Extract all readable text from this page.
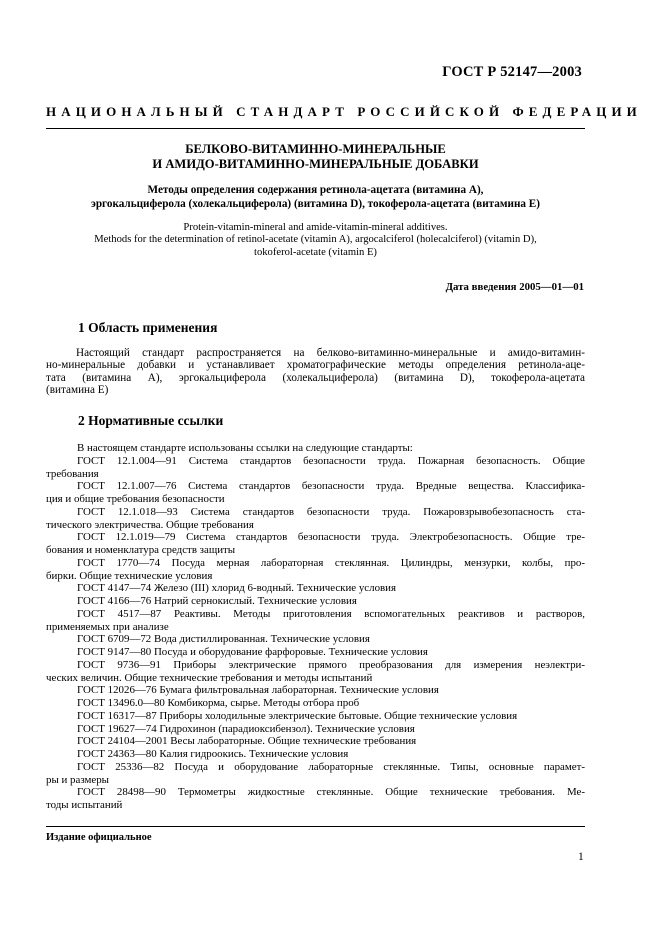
ГОСТ Р 52147—2003
НАЦИОНАЛЬНЫЙ СТАНДАРТ РОССИЙСКОЙ ФЕДЕРАЦИИ
БЕЛКОВО-ВИТАМИННО-МИНЕРАЛЬНЫЕ
И АМИДО-ВИТАМИННО-МИНЕРАЛЬНЫЕ ДОБАВКИ
Методы определения содержания ретинола-ацетата (витамина А),
эргокальциферола (холекальциферола) (витамина D), токоферола-ацетата (витамина Е)
Protein-vitamin-mineral and amide-vitamin-mineral additives.
Methods for the determination of retinol-acetate (vitamin A), argocalciferol (holecalciferol) (vitamin D),
tokoferol-acetate (vitamin E)
Дата введения 2005—01—01
1 Область применения
Настоящий стандарт распространяется на белково-витаминно-минеральные и амидо-витамин-
но-минеральные добавки и устанавливает хроматографические методы определения ретинола-аце-
тата (витамина А), эргокальциферола (холекальциферола) (витамина D), токоферола-ацетата
(витамина Е)
2 Нормативные ссылки
В настоящем стандарте использованы ссылки на следующие стандарты:
ГОСТ 12.1.004—91 Система стандартов безопасности труда. Пожарная безопасность. Общие
требования
ГОСТ 12.1.007—76 Система стандартов безопасности труда. Вредные вещества. Классифика-
ция и общие требования безопасности
ГОСТ 12.1.018—93 Система стандартов безопасности труда. Пожаровзрывобезопасность ста-
тического электричества. Общие требования
ГОСТ 12.1.019—79 Система стандартов безопасности труда. Электробезопасность. Общие тре-
бования и номенклатура средств защиты
ГОСТ 1770—74 Посуда мерная лабораторная стеклянная. Цилиндры, мензурки, колбы, про-
бирки. Общие технические условия
ГОСТ 4147—74 Железо (III) хлорид 6-водный. Технические условия
ГОСТ 4166—76 Натрий сернокислый. Технические условия
ГОСТ 4517—87 Реактивы. Методы приготовления вспомогательных реактивов и растворов,
применяемых при анализе
ГОСТ 6709—72 Вода дистиллированная. Технические условия
ГОСТ 9147—80 Посуда и оборудование фарфоровые. Технические условия
ГОСТ 9736—91 Приборы электрические прямого преобразования для измерения неэлектри-
ческих величин. Общие технические требования и методы испытаний
ГОСТ 12026—76 Бумага фильтровальная лабораторная. Технические условия
ГОСТ 13496.0—80 Комбикорма, сырье. Методы отбора проб
ГОСТ 16317—87 Приборы холодильные электрические бытовые. Общие технические условия
ГОСТ 19627—74 Гидрохинон (парадиоксибензол). Технические условия
ГОСТ 24104—2001 Весы лабораторные. Общие технические требования
ГОСТ 24363—80 Калия гидроокись. Технические условия
ГОСТ 25336—82 Посуда и оборудование лабораторные стеклянные. Типы, основные парамет-
ры и размеры
ГОСТ 28498—90 Термометры жидкостные стеклянные. Общие технические требования. Ме-
тоды испытаний
Издание официальное
1
